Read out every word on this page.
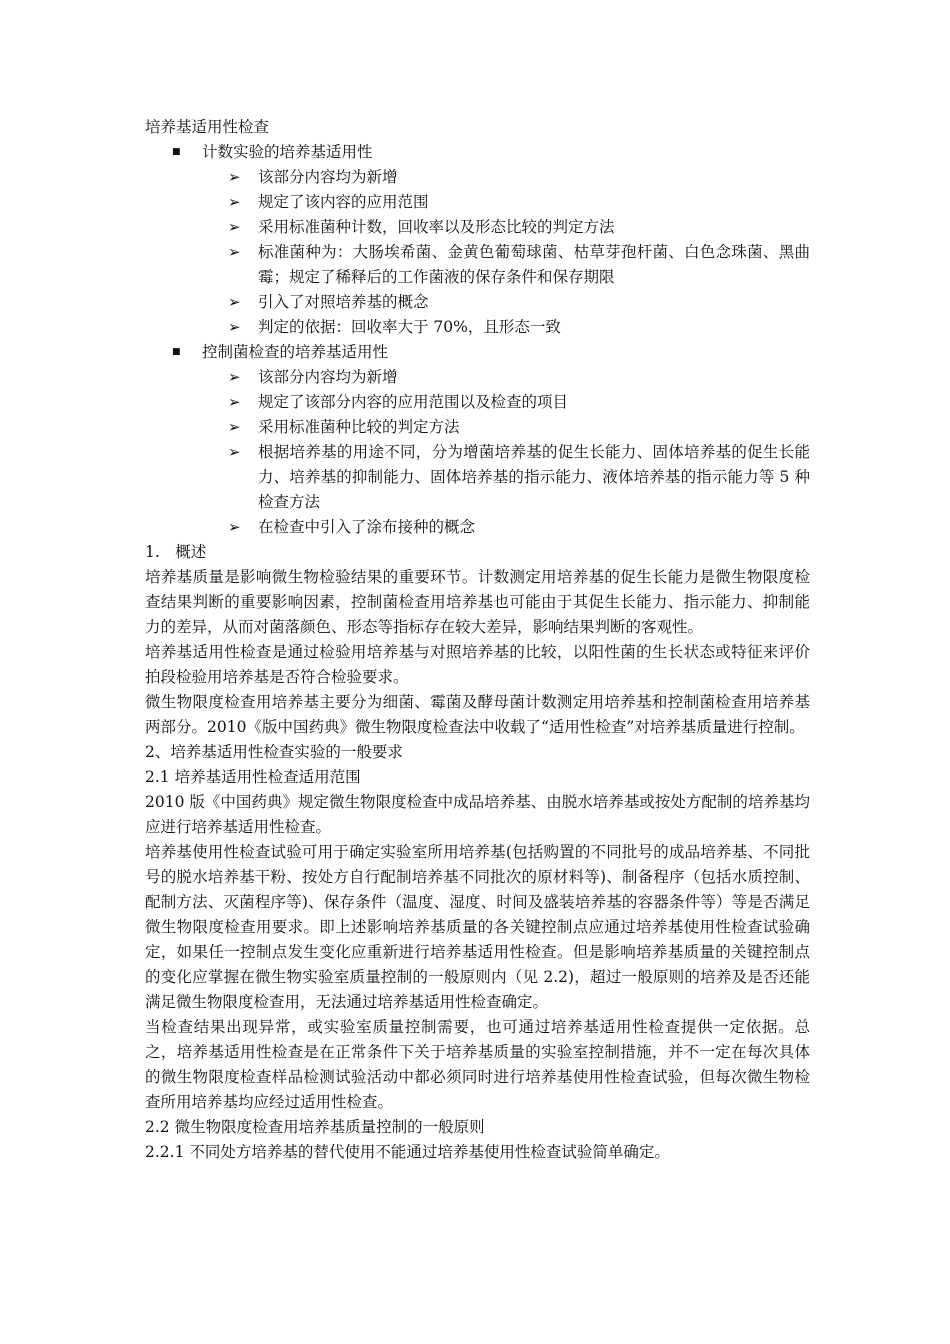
培养基适用性检查
■ 计数实验的培养基适用性
➢ 该部分内容均为新增
➢ 规定了该内容的应用范围
➢ 采用标准菌种计数，回收率以及形态比较的判定方法
➢ 标准菌种为：大肠埃希菌、金黄色葡萄球菌、枯草芽孢杆菌、白色念珠菌、黑曲霉；规定了稀释后的工作菌液的保存条件和保存期限
➢ 引入了对照培养基的概念
➢ 判定的依据：回收率大于 70%，且形态一致
■ 控制菌检查的培养基适用性
➢ 该部分内容均为新增
➢ 规定了该部分内容的应用范围以及检查的项目
➢ 采用标准菌种比较的判定方法
➢ 根据培养基的用途不同，分为增菌培养基的促生长能力、固体培养基的促生长能力、培养基的抑制能力、固体培养基的指示能力、液体培养基的指示能力等 5 种检查方法
➢ 在检查中引入了涂布接种的概念
1.　概述
培养基质量是影响微生物检验结果的重要环节。计数测定用培养基的促生长能力是微生物限度检查结果判断的重要影响因素，控制菌检查用培养基也可能由于其促生长能力、指示能力、抑制能力的差异，从而对菌落颜色、形态等指标存在较大差异，影响结果判断的客观性。
培养基适用性检查是通过检验用培养基与对照培养基的比较，以阳性菌的生长状态或特征来评价拍段检验用培养基是否符合检验要求。
微生物限度检查用培养基主要分为细菌、霉菌及酵母菌计数测定用培养基和控制菌检查用培养基两部分。2010《版中国药典》微生物限度检查法中收载了“适用性检查”对培养基质量进行控制。
2、培养基适用性检查实验的一般要求
2.1 培养基适用性检查适用范围
2010 版《中国药典》规定微生物限度检查中成品培养基、由脱水培养基或按处方配制的培养基均应进行培养基适用性检查。
培养基使用性检查试验可用于确定实验室所用培养基(包括购置的不同批号的成品培养基、不同批号的脱水培养基干粉、按处方自行配制培养基不同批次的原材料等)、制备程序（包括水质控制、配制方法、灭菌程序等)、保存条件（温度、湿度、时间及盛装培养基的容器条件等）等是否满足微生物限度检查用要求。即上述影响培养基质量的各关键控制点应通过培养基使用性检查试验确定，如果任一控制点发生变化应重新进行培养基适用性检查。但是影响培养基质量的关键控制点的变化应掌握在微生物实验室质量控制的一般原则内（见 2.2)，超过一般原则的培养及是否还能满足微生物限度检查用，无法通过培养基适用性检查确定。
当检查结果出现异常，或实验室质量控制需要，也可通过培养基适用性检查提供一定依据。总之，培养基适用性检查是在正常条件下关于培养基质量的实验室控制措施，并不一定在每次具体的微生物限度检查样品检测试验活动中都必须同时进行培养基使用性检查试验，但每次微生物检查所用培养基均应经过适用性检查。
2.2 微生物限度检查用培养基质量控制的一般原则
2.2.1 不同处方培养基的替代使用不能通过培养基使用性检查试验简单确定。
